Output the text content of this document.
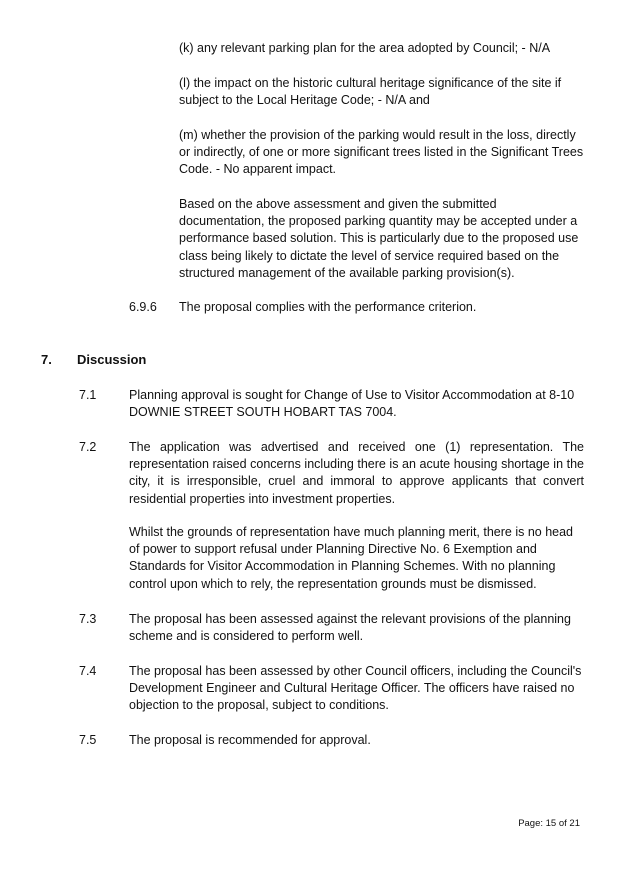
(k) any relevant parking plan for the area adopted by Council; - N/A

(l) the impact on the historic cultural heritage significance of the site if subject to the Local Heritage Code; - N/A and

(m) whether the provision of the parking would result in the loss, directly or indirectly, of one or more significant trees listed in the Significant Trees Code. - No apparent impact.

Based on the above assessment and given the submitted documentation, the proposed parking quantity may be accepted under a performance based solution. This is particularly due to the proposed use class being likely to dictate the level of service required based on the structured management of the available parking provision(s).

6.9.6 The proposal complies with the performance criterion.

7. Discussion
7.1	Planning approval is sought for Change of Use to Visitor Accommodation at 8-10 DOWNIE STREET SOUTH HOBART TAS 7004.

7.2	The application was advertised and received one (1) representation. The representation raised concerns including there is an acute housing shortage in the city, it is irresponsible, cruel and immoral to approve applicants that convert residential properties into investment properties.

Whilst the grounds of representation have much planning merit, there is no head of power to support refusal under Planning Directive No. 6 Exemption and Standards for Visitor Accommodation in Planning Schemes. With no planning control upon which to rely, the representation grounds must be dismissed.

7.3	The proposal has been assessed against the relevant provisions of the planning scheme and is considered to perform well.

7.4	The proposal has been assessed by other Council officers, including the Council's Development Engineer and Cultural Heritage Officer. The officers have raised no objection to the proposal, subject to conditions.

7.5	The proposal is recommended for approval.

Page: 15 of 21
